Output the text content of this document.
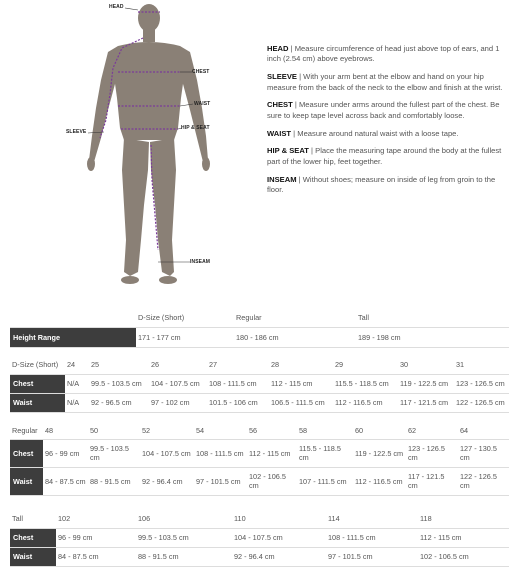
HEAD
CHEST
WAIST
HIP & SEAT
SLEEVE
INSEAM

HEAD | Measure circumference of head just above top of ears, and 1 inch (2.54 cm) above eyebrows.

SLEEVE | With your arm bent at the elbow and hand on your hip measure from the back of the neck to the elbow and finish at the wrist.

CHEST | Measure under arms around the fullest part of the chest. Be sure to keep tape level across back and comfortably loose.

WAIST | Measure around natural waist with a loose tape.

HIP & SEAT | Place the measuring tape around the body at the fullest part of the lower hip, feet together.

INSEAM | Without shoes; measure on inside of leg from groin to the floor.

	D-Size (Short)	Regular	Tall
Height Range	171 - 177 cm	180 - 186 cm	189 - 198 cm
D-Size (Short)	24	25	26	27	28	29	30	31
Chest	N/A	99.5 - 103.5 cm	104 - 107.5 cm	108 - 111.5 cm	112 - 115 cm	115.5 - 118.5 cm	119 - 122.5 cm	123 - 126.5 cm
Waist	N/A	92 - 96.5 cm	97 - 102 cm	101.5 - 106 cm	106.5 - 111.5 cm	112 - 116.5 cm	117 - 121.5 cm	122 - 126.5 cm
Regular	48	50	52	54	56	58	60	62	64
Chest	96 - 99 cm	99.5 - 103.5 cm	104 - 107.5 cm	108 - 111.5 cm	112 - 115 cm	115.5 - 118.5 cm	119 - 122.5 cm	123 - 126.5 cm	127 - 130.5 cm
Waist	84 - 87.5 cm	88 - 91.5 cm	92 - 96.4 cm	97 - 101.5 cm	102 - 106.5 cm	107 - 111.5 cm	112 - 116.5 cm	117 - 121.5 cm	122 - 126.5 cm
Tall	102	106	110	114	118
Chest	96 - 99 cm	99.5 - 103.5 cm	104 - 107.5 cm	108 - 111.5 cm	112 - 115 cm
Waist	84 - 87.5 cm	88 - 91.5 cm	92 - 96.4 cm	97 - 101.5 cm	102 - 106.5 cm
